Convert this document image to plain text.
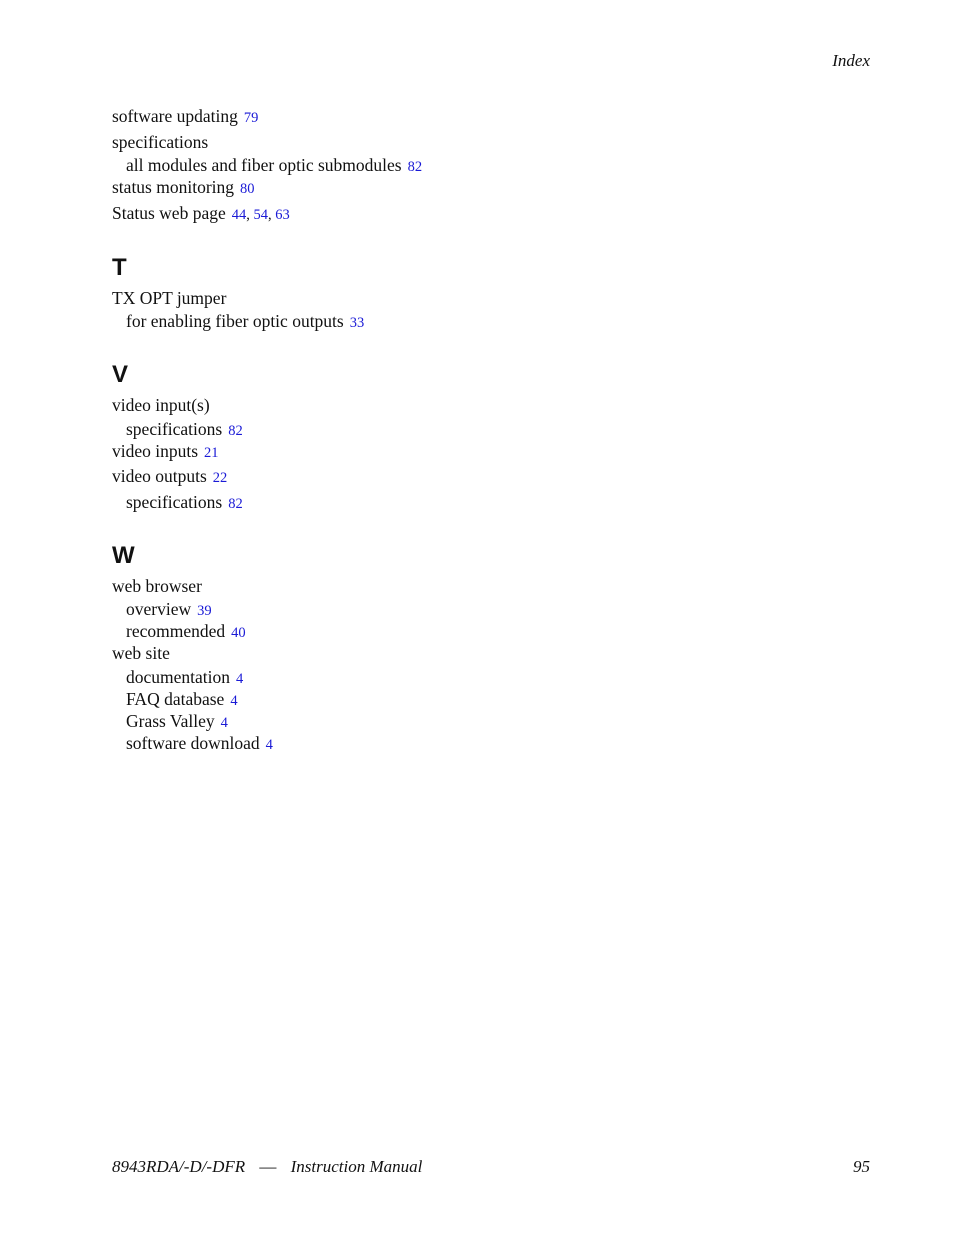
Index
software updating 79
specifications
all modules and fiber optic submodules 82
status monitoring 80
Status web page 44, 54, 63
T
TX OPT jumper
for enabling fiber optic outputs 33
V
video input(s)
specifications 82
video inputs 21
video outputs 22
specifications 82
W
web browser
overview 39
recommended 40
web site
documentation 4
FAQ database 4
Grass Valley 4
software download 4
8943RDA/-D/-DFR — Instruction Manual	95
